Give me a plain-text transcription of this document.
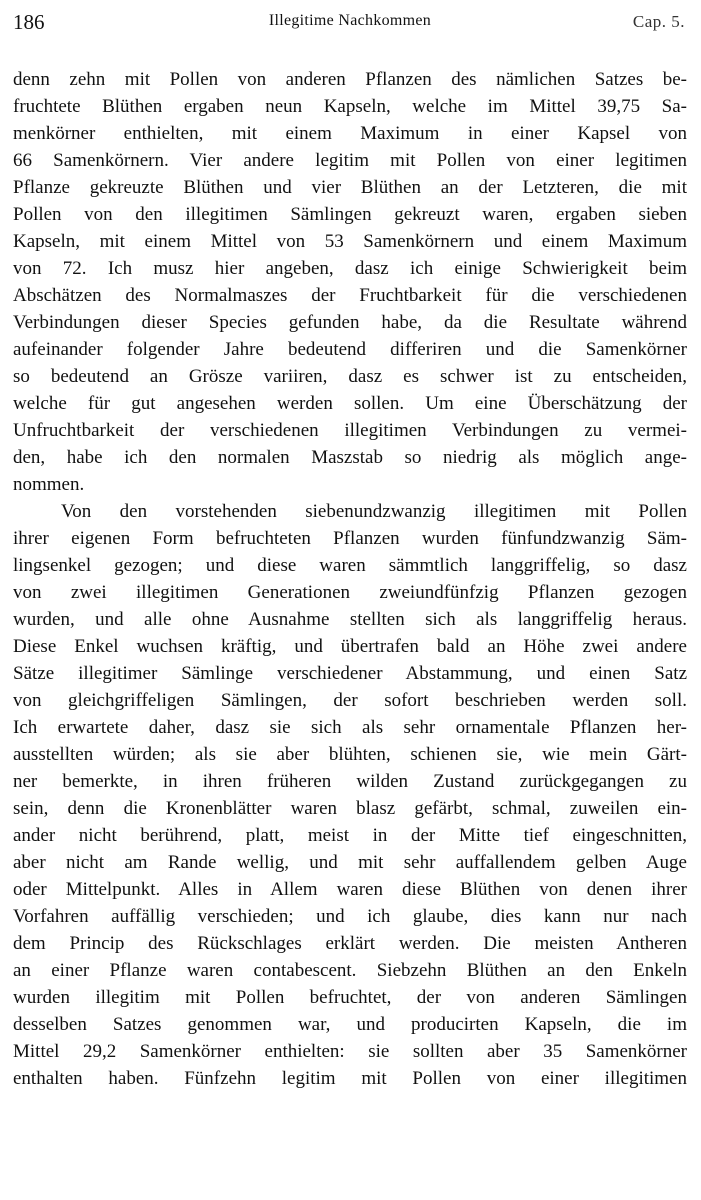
186	Illegitime Nachkommen	Cap. 5.
denn zehn mit Pollen von anderen Pflanzen des nämlichen Satzes be-
fruchtete Blüthen ergaben neun Kapseln, welche im Mittel 39,75 Sa-
menkörner enthielten, mit einem Maximum in einer Kapsel von
66 Samenkörnern. Vier andere legitim mit Pollen von einer legitimen
Pflanze gekreuzte Blüthen und vier Blüthen an der Letzteren, die mit
Pollen von den illegitimen Sämlingen gekreuzt waren, ergaben sieben
Kapseln, mit einem Mittel von 53 Samenkörnern und einem Maximum
von 72. Ich musz hier angeben, dasz ich einige Schwierigkeit beim
Abschätzen des Normalmaszes der Fruchtbarkeit für die verschiedenen
Verbindungen dieser Species gefunden habe, da die Resultate während
aufeinander folgender Jahre bedeutend differiren und die Samenkörner
so bedeutend an Grösze variiren, dasz es schwer ist zu entscheiden,
welche für gut angesehen werden sollen. Um eine Überschätzung der
Unfruchtbarkeit der verschiedenen illegitimen Verbindungen zu vermei-
den, habe ich den normalen Maszstab so niedrig als möglich ange-
nommen.
Von den vorstehenden siebenundzwanzig illegitimen mit Pollen
ihrer eigenen Form befruchteten Pflanzen wurden fünfundzwanzig Säm-
lingsenkel gezogen; und diese waren sämmtlich langgriffelig, so dasz
von zwei illegitimen Generationen zweiundfünfzig Pflanzen gezogen
wurden, und alle ohne Ausnahme stellten sich als langgriffelig heraus.
Diese Enkel wuchsen kräftig, und übertrafen bald an Höhe zwei andere
Sätze illegitimer Sämlinge verschiedener Abstammung, und einen Satz
von gleichgriffeligen Sämlingen, der sofort beschrieben werden soll.
Ich erwartete daher, dasz sie sich als sehr ornamentale Pflanzen her-
ausstellten würden; als sie aber blühten, schienen sie, wie mein Gärt-
ner bemerkte, in ihren früheren wilden Zustand zurückgegangen zu
sein, denn die Kronenblätter waren blasz gefärbt, schmal, zuweilen ein-
ander nicht berührend, platt, meist in der Mitte tief eingeschnitten,
aber nicht am Rande wellig, und mit sehr auffallendem gelben Auge
oder Mittelpunkt. Alles in Allem waren diese Blüthen von denen ihrer
Vorfahren auffällig verschieden; und ich glaube, dies kann nur nach
dem Princip des Rückschlages erklärt werden. Die meisten Antheren
an einer Pflanze waren contabescent. Siebzehn Blüthen an den Enkeln
wurden illegitim mit Pollen befruchtet, der von anderen Sämlingen
desselben Satzes genommen war, und producirten Kapseln, die im
Mittel 29,2 Samenkörner enthielten: sie sollten aber 35 Samenkörner
enthalten haben. Fünfzehn legitim mit Pollen von einer illegitimen
